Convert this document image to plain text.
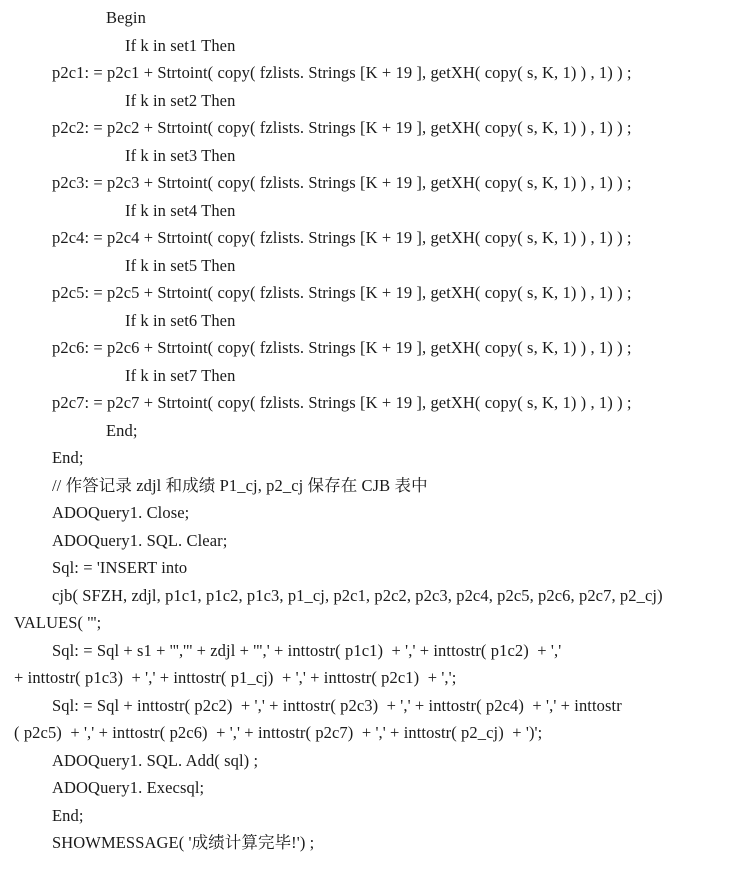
Begin
If k in set1 Then
p2c1: = p2c1 + Strtoint( copy( fzlists. Strings [K + 19 ], getXH( copy( s, K, 1) ) , 1) ) ;
If k in set2 Then
p2c2: = p2c2 + Strtoint( copy( fzlists. Strings [K + 19 ], getXH( copy( s, K, 1) ) , 1) ) ;
If k in set3 Then
p2c3: = p2c3 + Strtoint( copy( fzlists. Strings [K + 19 ], getXH( copy( s, K, 1) ) , 1) ) ;
If k in set4 Then
p2c4: = p2c4 + Strtoint( copy( fzlists. Strings [K + 19 ], getXH( copy( s, K, 1) ) , 1) ) ;
If k in set5 Then
p2c5: = p2c5 + Strtoint( copy( fzlists. Strings [K + 19 ], getXH( copy( s, K, 1) ) , 1) ) ;
If k in set6 Then
p2c6: = p2c6 + Strtoint( copy( fzlists. Strings [K + 19 ], getXH( copy( s, K, 1) ) , 1) ) ;
If k in set7 Then
p2c7: = p2c7 + Strtoint( copy( fzlists. Strings [K + 19 ], getXH( copy( s, K, 1) ) , 1) ) ;
End;
End;
// 作答记录 zdjl 和成绩 P1_cj, p2_cj 保存在 CJB 表中
ADOQuery1. Close;
ADOQuery1. SQL. Clear;
Sql: = 'INSERT into
cjb( SFZH, zdjl, p1c1, p1c2, p1c3, p1_cj, p2c1, p2c2, p2c3, p2c4, p2c5, p2c6, p2c7, p2_cj)
VALUES( ''';
Sql: = Sql + s1 + ''',''' + zdjl + ''',' + inttostr( p1c1)  + ',' + inttostr( p1c2)  + ','
+ inttostr( p1c3)  + ',' + inttostr( p1_cj)  + ',' + inttostr( p2c1)  + ',';
Sql: = Sql + inttostr( p2c2)  + ',' + inttostr( p2c3)  + ',' + inttostr( p2c4)  + ',' + inttostr
( p2c5)  + ',' + inttostr( p2c6)  + ',' + inttostr( p2c7)  + ',' + inttostr( p2_cj)  + ')';
ADOQuery1. SQL. Add( sql) ;
ADOQuery1. Execsql;
End;
SHOWMESSAGE( '成绩计算完毕!') ;
